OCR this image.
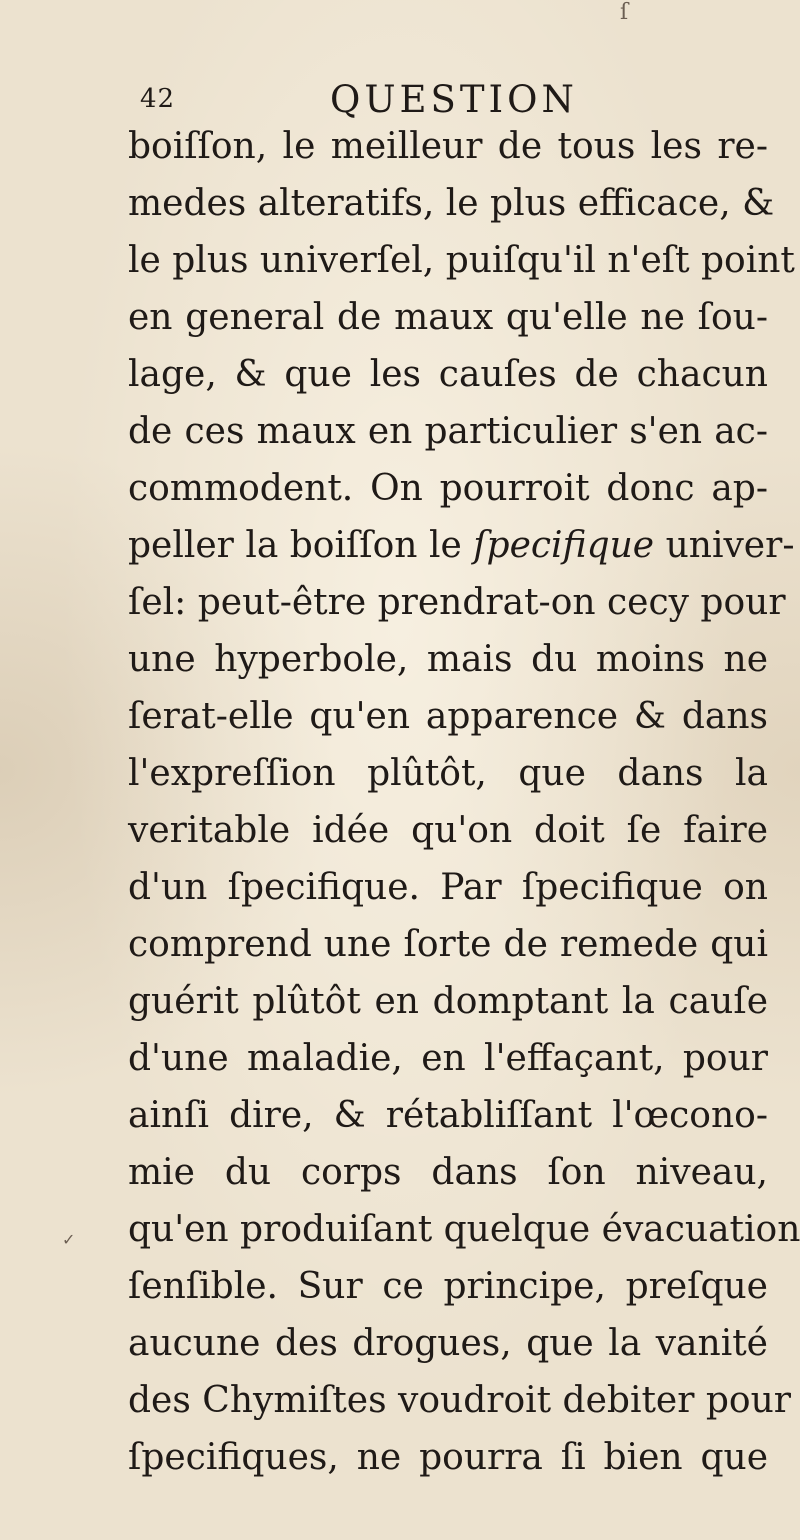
ſ
42	QUESTION
boiſſon, le meilleur de tous les re-
medes alteratifs, le plus efficace, &
le plus univerſel, puiſqu'il n'eſt point
en general de maux qu'elle ne ſou-
lage, & que les cauſes de chacun
de ces maux en particulier s'en ac-
commodent. On pourroit donc ap-
peller la boiſſon le ſpecifique univer-
ſel: peut-être prendrat-on cecy pour
une hyperbole, mais du moins ne
ſerat-elle qu'en apparence & dans
l'expreſſion plûtôt, que dans la
veritable idée qu'on doit ſe faire
d'un ſpecifique. Par ſpecifique on
comprend une ſorte de remede qui
guérit plûtôt en domptant la cauſe
d'une maladie, en l'effaçant, pour
ainſi dire, & rétabliſſant l'œcono-
mie du corps dans ſon niveau,
qu'en produiſant quelque évacuation
ſenſible. Sur ce principe, preſque
aucune des drogues, que la vanité
des Chymiſtes voudroit debiter pour
ſpecifiques, ne pourra ſi bien que
✓
